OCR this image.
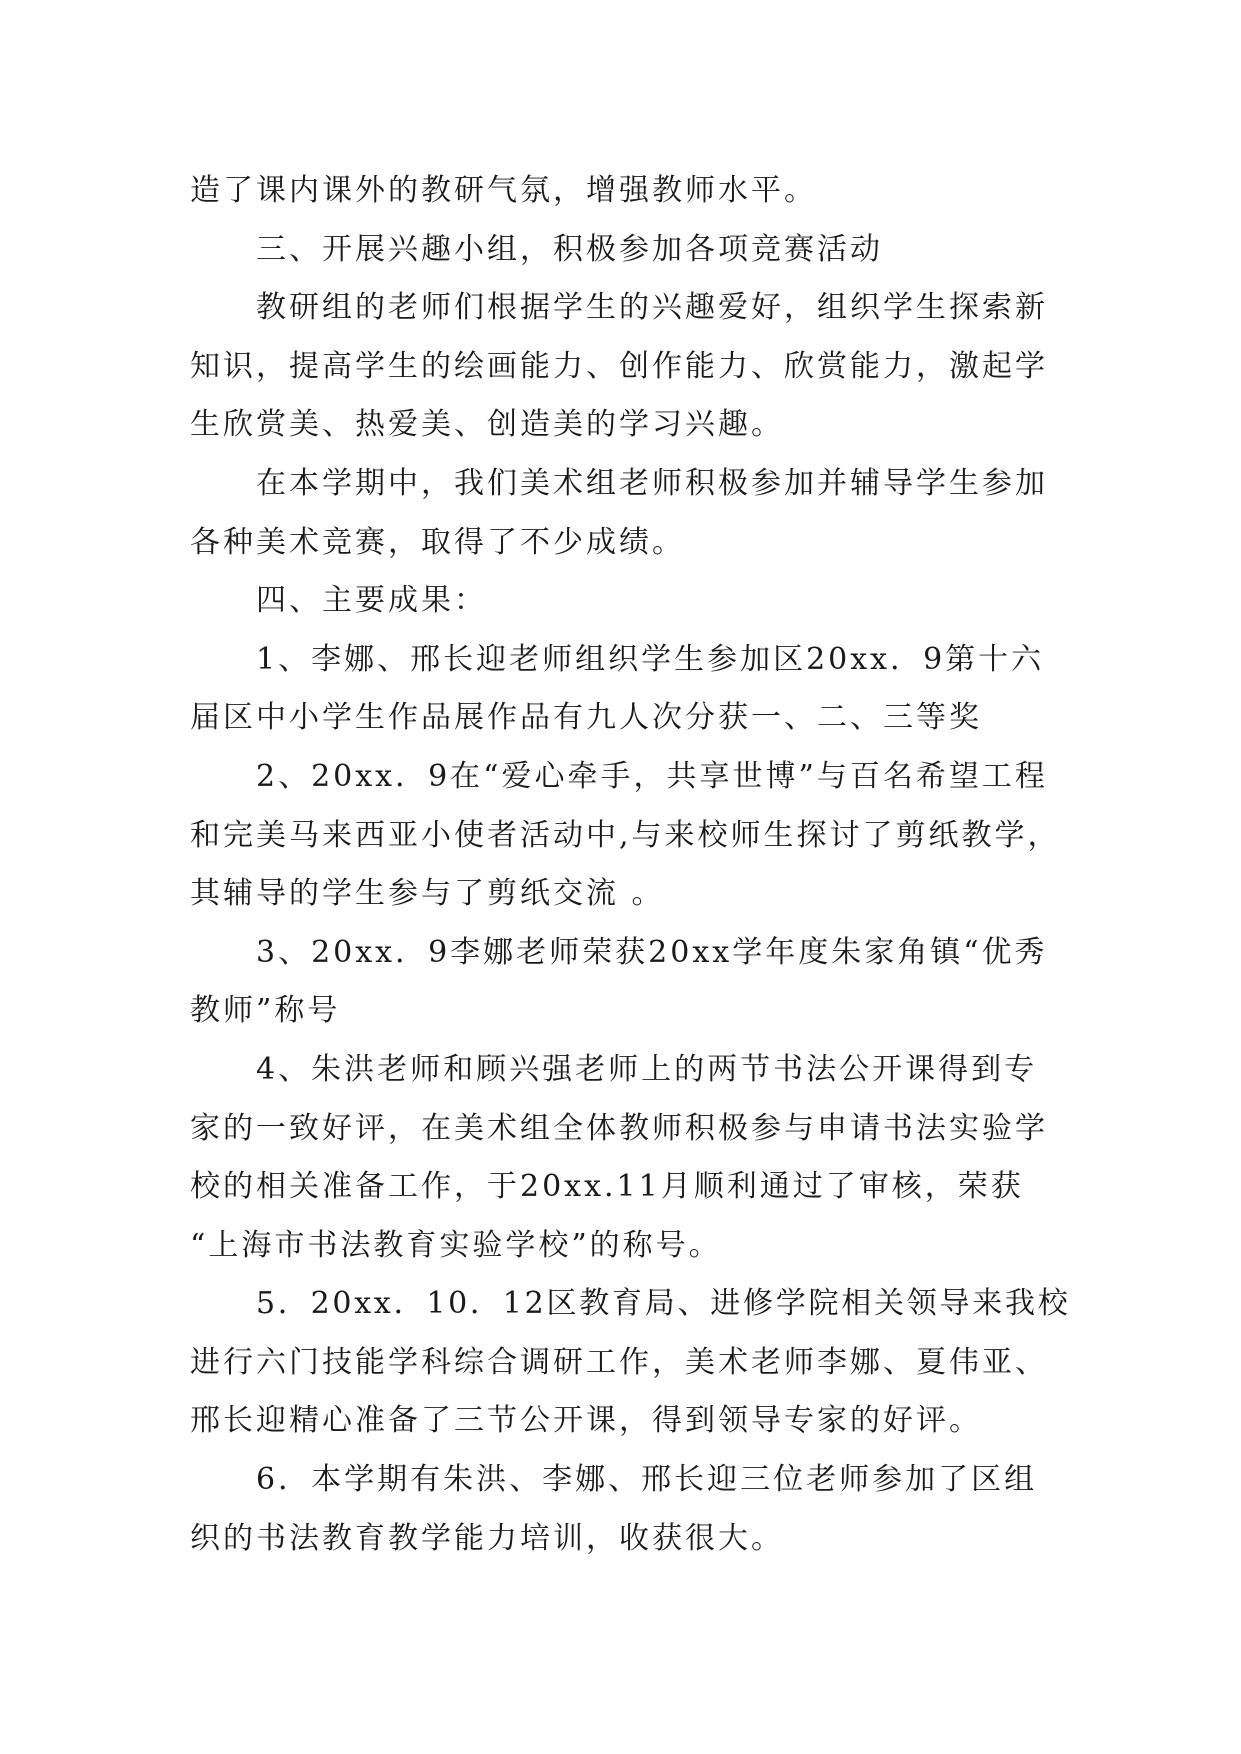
造了课内课外的教研气氛，增强教师水平。
三、开展兴趣小组，积极参加各项竞赛活动
教研组的老师们根据学生的兴趣爱好，组织学生探索新
知识，提高学生的绘画能力、创作能力、欣赏能力，激起学
生欣赏美、热爱美、创造美的学习兴趣。
在本学期中，我们美术组老师积极参加并辅导学生参加
各种美术竞赛，取得了不少成绩。
四、主要成果：
1、李娜、邢长迎老师组织学生参加区20xx．9第十六
届区中小学生作品展作品有九人次分获一、二、三等奖
2、20xx．9在“爱心牵手，共享世博”与百名希望工程
和完美马来西亚小使者活动中,与来校师生探讨了剪纸教学，
其辅导的学生参与了剪纸交流 。
3、20xx．9李娜老师荣获20xx学年度朱家角镇“优秀
教师”称号
4、朱洪老师和顾兴强老师上的两节书法公开课得到专
家的一致好评，在美术组全体教师积极参与申请书法实验学
校的相关准备工作，于20xx.11月顺利通过了审核，荣获
“上海市书法教育实验学校”的称号。
5．20xx．10．12区教育局、进修学院相关领导来我校
进行六门技能学科综合调研工作，美术老师李娜、夏伟亚、
邢长迎精心准备了三节公开课，得到领导专家的好评。
6．本学期有朱洪、李娜、邢长迎三位老师参加了区组
织的书法教育教学能力培训，收获很大。
